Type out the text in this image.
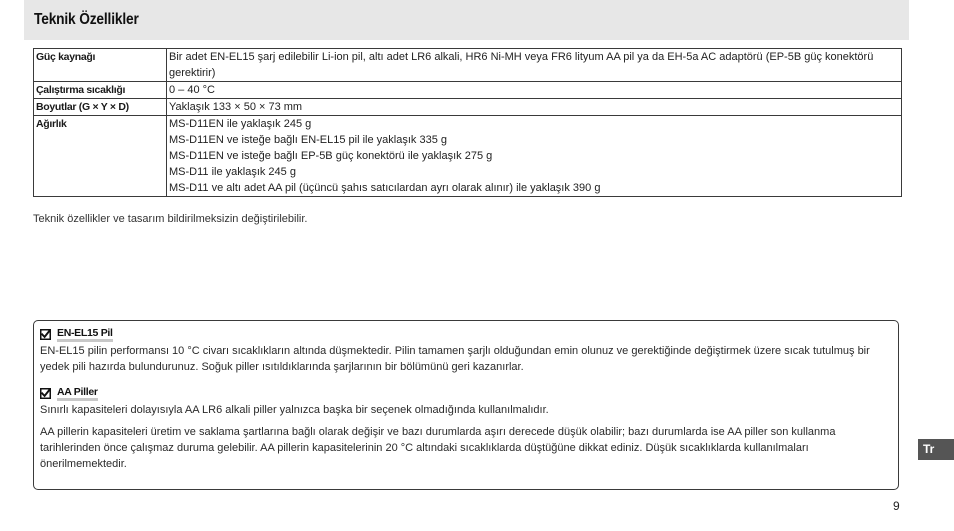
Teknik Özellikler
Güç kaynağı	Bir adet EN-EL15 şarj edilebilir Li-ion pil, altı adet LR6 alkali, HR6 Ni-MH veya FR6 lityum AA pil ya da EH-5a AC adaptörü (EP-5B güç konektörü gerektirir)

Çalıştırma sıcaklığı	0 – 40 °C

Boyutlar (G × Y × D)	Yaklaşık 133 × 50 × 73 mm

Ağırlık	MS-D11EN ile yaklaşık 245 g
MS-D11EN ve isteğe bağlı EN-EL15 pil ile yaklaşık 335 g
MS-D11EN ve isteğe bağlı EP-5B güç konektörü ile yaklaşık 275 g
MS-D11 ile yaklaşık 245 g
MS-D11 ve altı adet AA pil (üçüncü şahıs satıcılardan ayrı olarak alınır) ile yaklaşık 390 g
Teknik özellikler ve tasarım bildirilmeksizin değiştirilebilir.
EN-EL15 Pil

EN-EL15 pilin performansı 10 °C civarı sıcaklıkların altında düşmektedir. Pilin tamamen şarjlı olduğundan emin olunuz ve gerektiğinde değiştirmek üzere sıcak tutulmuş bir yedek pili hazırda bulundurunuz. Soğuk piller ısıtıldıklarında şarjlarının bir bölümünü geri kazanırlar.

AA Piller

Sınırlı kapasiteleri dolayısıyla AA LR6 alkali piller yalnızca başka bir seçenek olmadığında kullanılmalıdır.

AA pillerin kapasiteleri üretim ve saklama şartlarına bağlı olarak değişir ve bazı durumlarda aşırı derecede düşük olabilir; bazı durumlarda ise AA piller son kullanma tarihlerinden önce çalışmaz duruma gelebilir. AA pillerin kapasitelerinin 20 °C altındaki sıcaklıklarda düştüğüne dikkat ediniz. Düşük sıcaklıklarda kullanılmaları önerilmemektedir.

Tr
9
